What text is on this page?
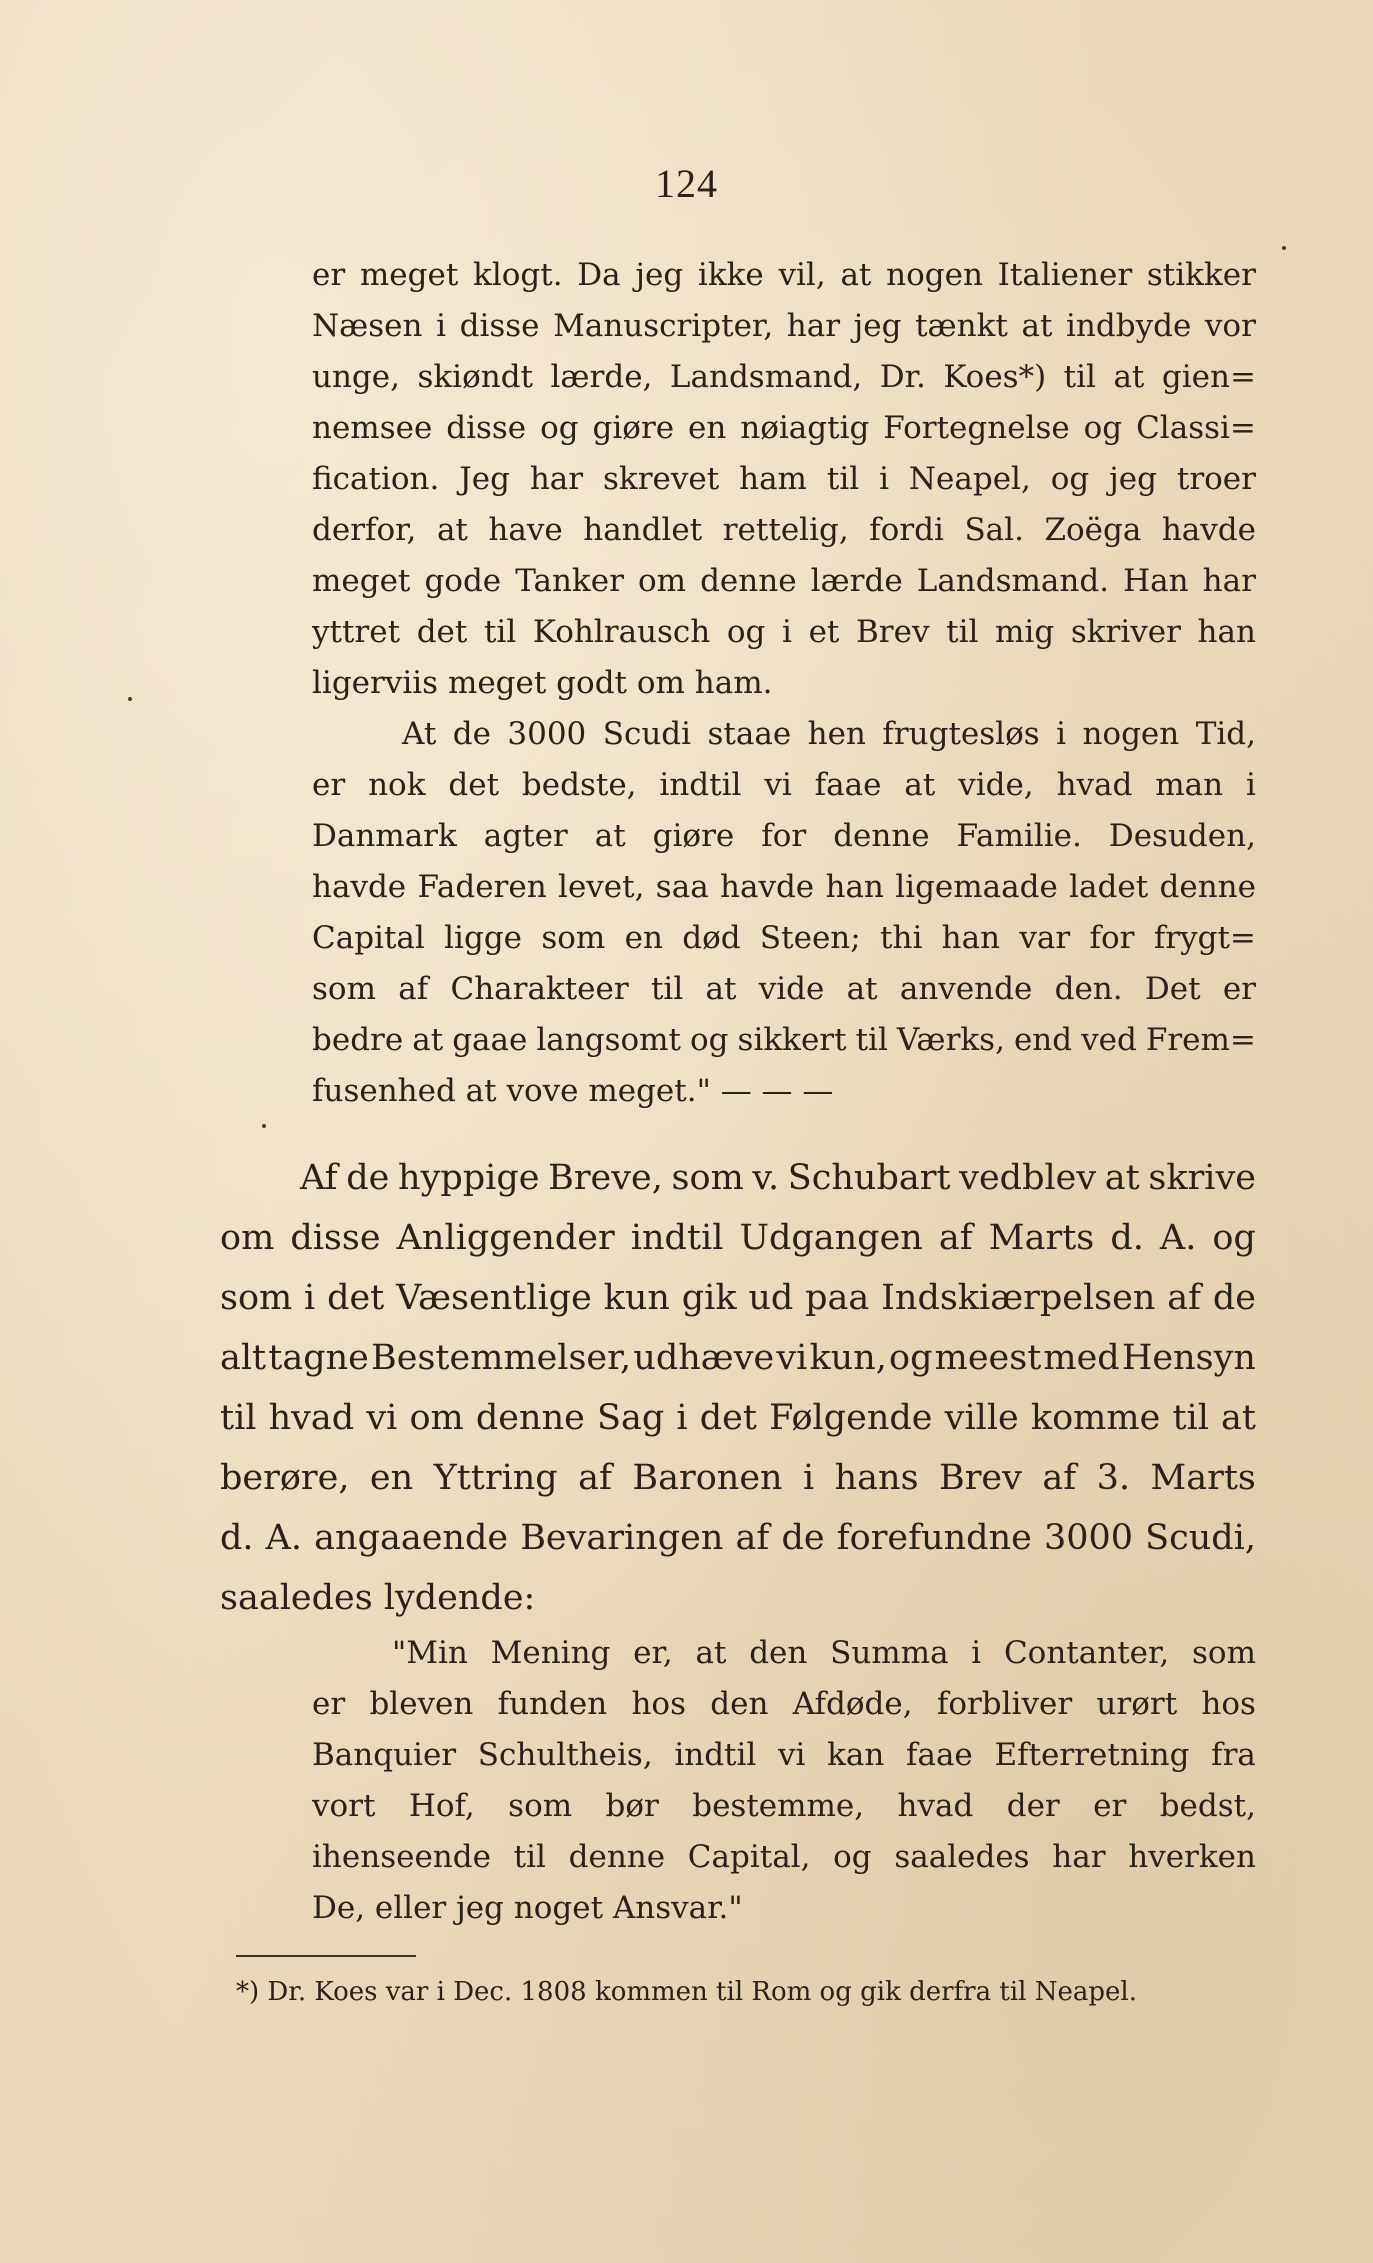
124
er meget klogt. Da jeg ikke vil, at nogen Italiener stikker
Næsen i disse Manuscripter, har jeg tænkt at indbyde vor
unge, skiøndt lærde, Landsmand, Dr. Koes*) til at gien=
nemsee disse og giøre en nøiagtig Fortegnelse og Classi=
fication. Jeg har skrevet ham til i Neapel, og jeg troer
derfor, at have handlet rettelig, fordi Sal. Zoëga havde
meget gode Tanker om denne lærde Landsmand. Han har
yttret det til Kohlrausch og i et Brev til mig skriver han
ligerviis meget godt om ham.
At de 3000 Scudi staae hen frugtesløs i nogen Tid,
er nok det bedste, indtil vi faae at vide, hvad man i
Danmark agter at giøre for denne Familie. Desuden,
havde Faderen levet, saa havde han ligemaade ladet denne
Capital ligge som en død Steen; thi han var for frygt=
som af Charakteer til at vide at anvende den. Det er
bedre at gaae langsomt og sikkert til Værks, end ved Frem=
fusenhed at vove meget." — — —
Af de hyppige Breve, som v. Schubart vedblev at skrive
om disse Anliggender indtil Udgangen af Marts d. A. og
som i det Væsentlige kun gik ud paa Indskiærpelsen af de
alt tagne Bestemmelser, udhæve vi kun, og meest med Hensyn
til hvad vi om denne Sag i det Følgende ville komme til at
berøre, en Yttring af Baronen i hans Brev af 3. Marts
d. A. angaaende Bevaringen af de forefundne 3000 Scudi,
saaledes lydende:
"Min Mening er, at den Summa i Contanter, som
er bleven funden hos den Afdøde, forbliver urørt hos
Banquier Schultheis, indtil vi kan faae Efterretning fra
vort Hof, som bør bestemme, hvad der er bedst,
ihenseende til denne Capital, og saaledes har hverken
De, eller jeg noget Ansvar."
*) Dr. Koes var i Dec. 1808 kommen til Rom og gik derfra til Neapel.
